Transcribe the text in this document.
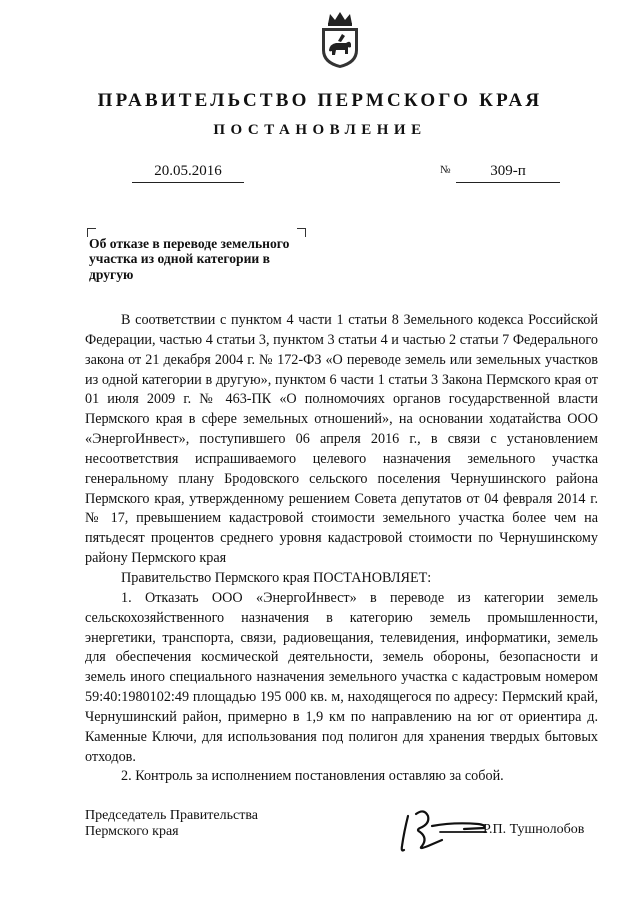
ПРАВИТЕЛЬСТВО ПЕРМСКОГО КРАЯ
ПОСТАНОВЛЕНИЕ
20.05.2016	№	309-п
Об отказе в переводе земельного участка из одной категории в другую

В соответствии с пунктом 4 части 1 статьи 8 Земельного кодекса Российской Федерации, частью 4 статьи 3, пунктом 3 статьи 4 и частью 2 статьи 7 Федерального закона от 21 декабря 2004 г. № 172-ФЗ «О переводе земель или земельных участков из одной категории в другую», пунктом 6 части 1 статьи 3 Закона Пермского края от 01 июля 2009 г. № 463-ПК «О полномочиях органов государственной власти Пермского края в сфере земельных отношений», на основании ходатайства ООО «ЭнергоИнвест», поступившего 06 апреля 2016 г., в связи с установлением несоответствия испрашиваемого целевого назначения земельного участка генеральному плану Бродовского сельского поселения Чернушинского района Пермского края, утвержденному решением Совета депутатов от 04 февраля 2014 г. № 17, превышением кадастровой стоимости земельного участка более чем на пятьдесят процентов среднего уровня кадастровой стоимости по Чернушинскому району Пермского края

Правительство Пермского края ПОСТАНОВЛЯЕТ:

1. Отказать ООО «ЭнергоИнвест» в переводе из категории земель сельскохозяйственного назначения в категорию земель промышленности, энергетики, транспорта, связи, радиовещания, телевидения, информатики, земель для обеспечения космической деятельности, земель обороны, безопасности и земель иного специального назначения земельного участка с кадастровым номером 59:40:1980102:49 площадью 195 000 кв. м, находящегося по адресу: Пермский край, Чернушинский район, примерно в 1,9 км по направлению на юг от ориентира д. Каменные Ключи, для использования под полигон для хранения твердых бытовых отходов.

2. Контроль за исполнением постановления оставляю за собой.

Председатель Правительства
Пермского края	Р.П. Тушнолобов
